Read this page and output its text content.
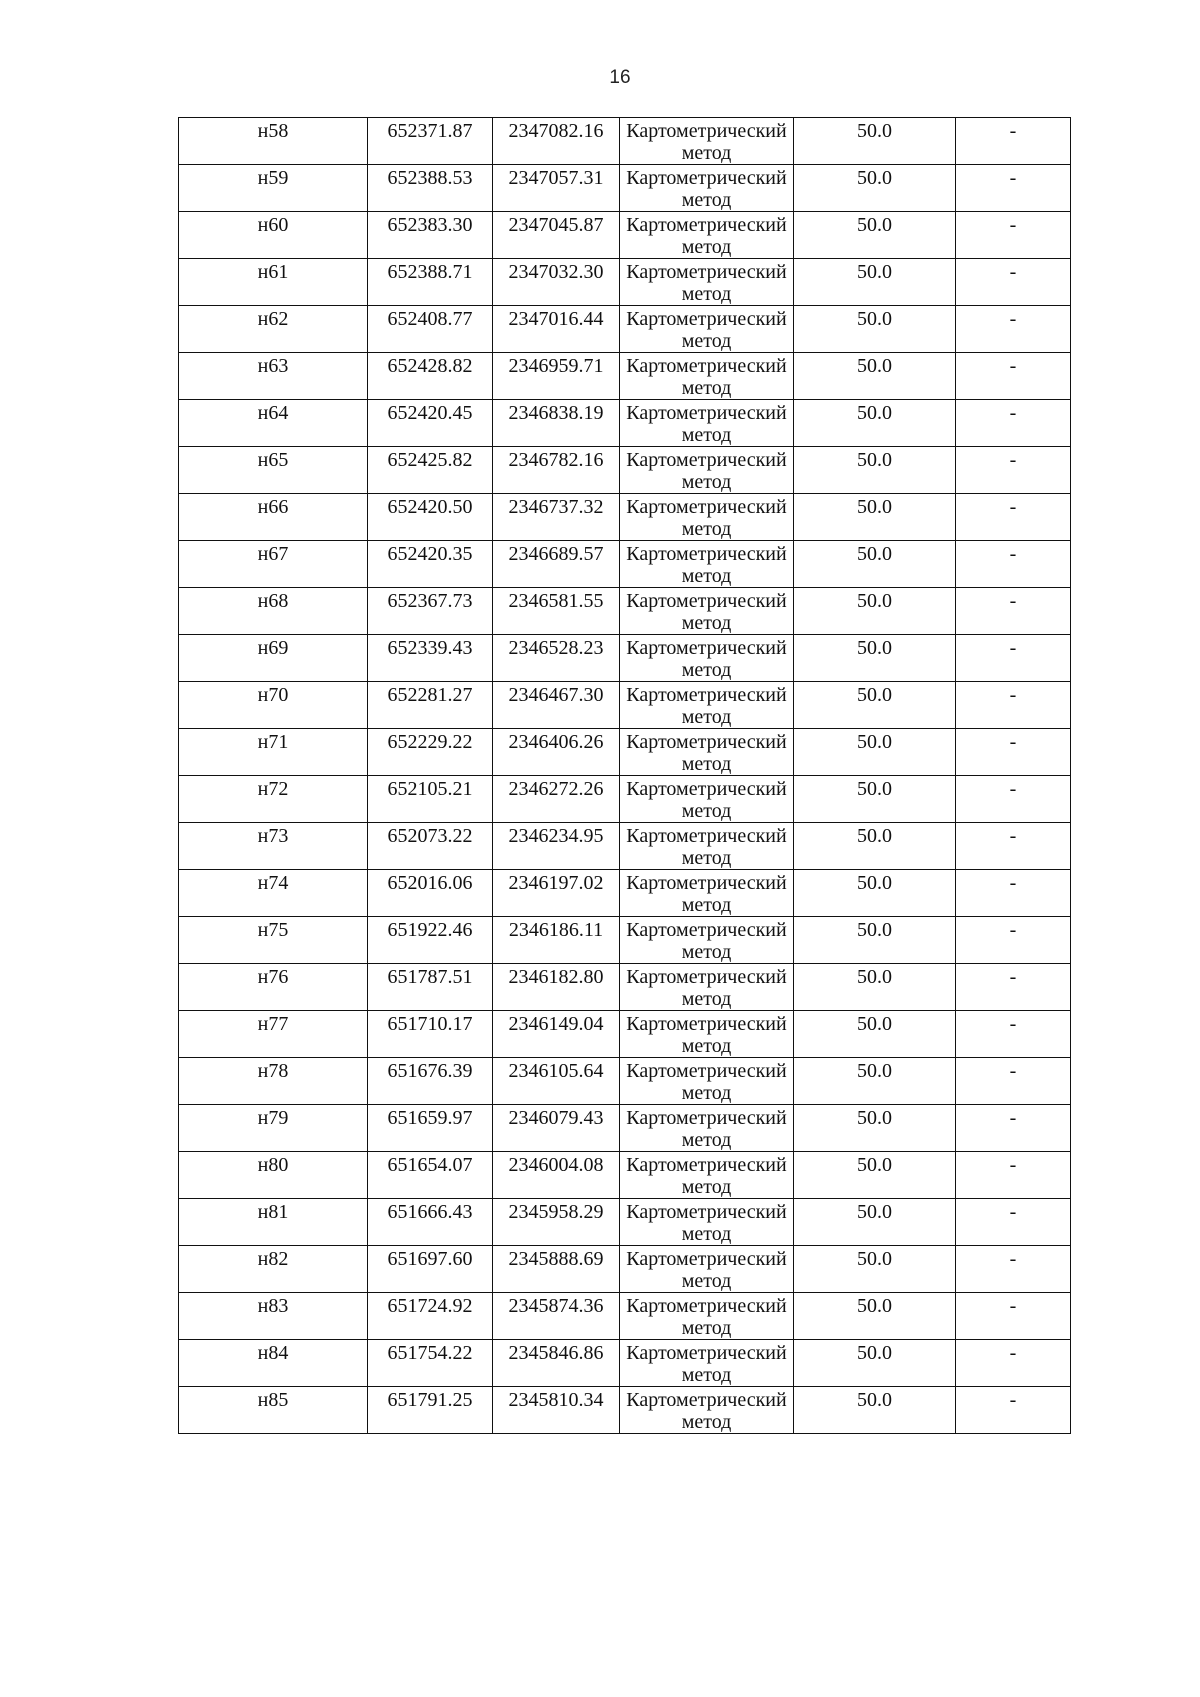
16
н58	652371.87	2347082.16	Картометрический метод	50.0	-
н59	652388.53	2347057.31	Картометрический метод	50.0	-
н60	652383.30	2347045.87	Картометрический метод	50.0	-
н61	652388.71	2347032.30	Картометрический метод	50.0	-
н62	652408.77	2347016.44	Картометрический метод	50.0	-
н63	652428.82	2346959.71	Картометрический метод	50.0	-
н64	652420.45	2346838.19	Картометрический метод	50.0	-
н65	652425.82	2346782.16	Картометрический метод	50.0	-
н66	652420.50	2346737.32	Картометрический метод	50.0	-
н67	652420.35	2346689.57	Картометрический метод	50.0	-
н68	652367.73	2346581.55	Картометрический метод	50.0	-
н69	652339.43	2346528.23	Картометрический метод	50.0	-
н70	652281.27	2346467.30	Картометрический метод	50.0	-
н71	652229.22	2346406.26	Картометрический метод	50.0	-
н72	652105.21	2346272.26	Картометрический метод	50.0	-
н73	652073.22	2346234.95	Картометрический метод	50.0	-
н74	652016.06	2346197.02	Картометрический метод	50.0	-
н75	651922.46	2346186.11	Картометрический метод	50.0	-
н76	651787.51	2346182.80	Картометрический метод	50.0	-
н77	651710.17	2346149.04	Картометрический метод	50.0	-
н78	651676.39	2346105.64	Картометрический метод	50.0	-
н79	651659.97	2346079.43	Картометрический метод	50.0	-
н80	651654.07	2346004.08	Картометрический метод	50.0	-
н81	651666.43	2345958.29	Картометрический метод	50.0	-
н82	651697.60	2345888.69	Картометрический метод	50.0	-
н83	651724.92	2345874.36	Картометрический метод	50.0	-
н84	651754.22	2345846.86	Картометрический метод	50.0	-
н85	651791.25	2345810.34	Картометрический метод	50.0	-
